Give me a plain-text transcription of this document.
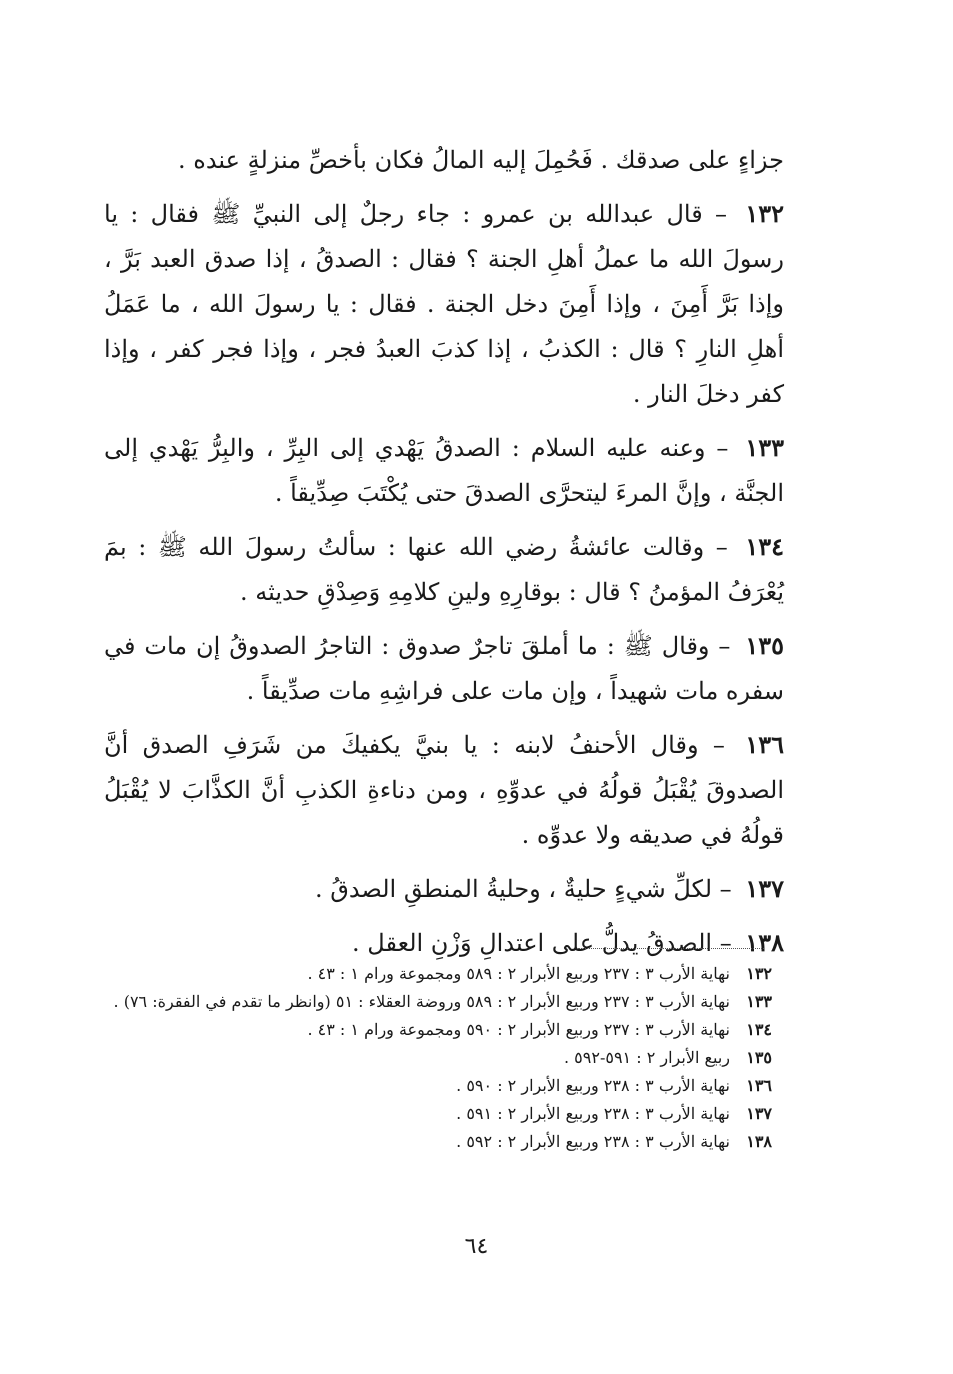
جزاءٍ على صدقك . فَحُمِلَ إليه المالُ فكان بأخصِّ منزلةٍ عنده .

١٣٢ – قال عبدالله بن عمرو : جاء رجلٌ إلى النبيِّ ﷺ فقال : يا رسولَ الله ما عملُ أهلِ الجنة ؟ فقال : الصدقُ ، إذا صدق العبد بَرَّ ، وإذا بَرَّ أَمِنَ ، وإذا أَمِنَ دخل الجنة . فقال : يا رسولَ الله ، ما عَمَلُ أهلِ النارِ ؟ قال : الكذبُ ، إذا كذبَ العبدُ فجر ، وإذا فجر كفر ، وإذا كفر دخلَ النار .

١٣٣ – وعنه عليه السلام : الصدقُ يَهْدي إلى البِرِّ ، والبِرُّ يَهْدي إلى الجنَّة ، وإنَّ المرءَ ليتحرَّى الصدقَ حتى يُكْتَبَ صِدِّيقاً .

١٣٤ – وقالت عائشةُ رضي الله عنها : سألتُ رسولَ الله ﷺ : بمَ يُعْرَفُ المؤمنُ ؟ قال : بوقارِهِ ولينِ كلامِهِ وَصِدْقِ حديثه .

١٣٥ – وقال ﷺ : ما أملقَ تاجرٌ صدوق : التاجرُ الصدوقُ إن مات في سفره مات شهيداً ، وإن مات على فراشِهِ مات صدِّيقاً .

١٣٦ – وقال الأحنفُ لابنه : يا بنيَّ يكفيكَ من شَرَفِ الصدق أنَّ الصدوقَ يُقْبَلُ قولُهُ في عدوِّهِ ، ومن دناءةِ الكذبِ أنَّ الكذَّابَ لا يُقْبَلُ قولُهُ في صديقه ولا عدوِّه .

١٣٧ – لكلِّ شيءٍ حليةٌ ، وحليةُ المنطقِ الصدقُ .

١٣٨ – الصدقُ يدلُّ على اعتدالِ وَزْنِ العقل .

١٣٢
نهاية الأرب ٣ : ٢٣٧ وربيع الأبرار ٢ : ٥٨٩ ومجموعة ورام ١ : ٤٣ .
١٣٣
نهاية الأرب ٣ : ٢٣٧ وربيع الأبرار ٢ : ٥٨٩ وروضة العقلاء : ٥١ (وانظر ما تقدم في الفقرة: ٧٦) .
١٣٤
نهاية الأرب ٣ : ٢٣٧ وربيع الأبرار ٢ : ٥٩٠ ومجموعة ورام ١ : ٤٣ .
١٣٥
ربيع الأبرار ٢ : ٥٩١-٥٩٢ .
١٣٦
نهاية الأرب ٣ : ٢٣٨ وربيع الأبرار ٢ : ٥٩٠ .
١٣٧
نهاية الأرب ٣ : ٢٣٨ وربيع الأبرار ٢ : ٥٩١ .
١٣٨
نهاية الأرب ٣ : ٢٣٨ وربيع الأبرار ٢ : ٥٩٢ .
٦٤
